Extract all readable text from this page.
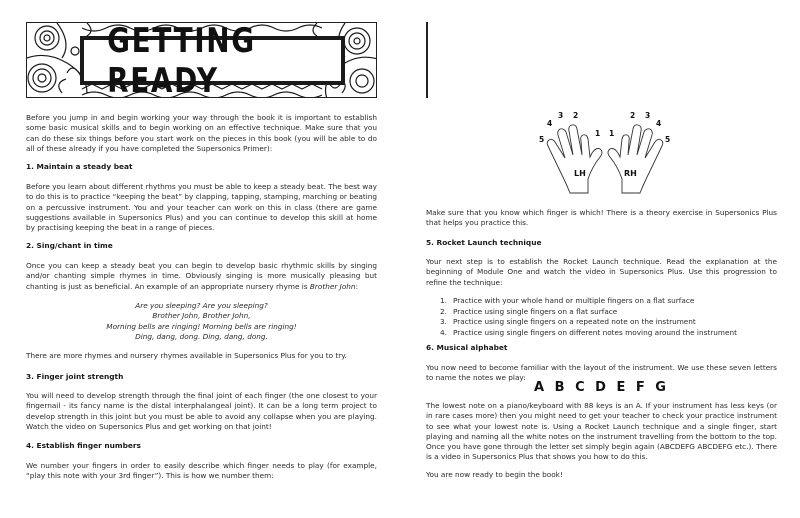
GETTING READY

Before you jump in and begin working your way through the book it is important to establish some basic musical skills and to begin working on an effective technique. Make sure that you can do these six things before you start work on the pieces in this book (you will be able to do all of these already if you have completed the Supersonics Primer):

1. Maintain a steady beat

Before you learn about different rhythms you must be able to keep a steady beat. The best way to do this is to practice “keeping the beat” by clapping, tapping, stamping, marching or beating on a percussive instrument. You and your teacher can work on this in class (there are game suggestions available in Supersonics Plus) and you can continue to develop this skill at home by practising keeping the beat in a range of pieces.

2. Sing/chant in time

Once you can keep a steady beat you can begin to develop basic rhythmic skills by singing and/or chanting simple rhymes in time. Obviously singing is more musically pleasing but chanting is just as beneficial. An example of an appropriate nursery rhyme is Brother John:

Are you sleeping? Are you sleeping?
Brother John, Brother John,
Morning bells are ringing! Morning bells are ringing!
Ding, dang, dong. Ding, dang, dong.

There are more rhymes and nursery rhymes available in Supersonics Plus for you to try.

3. Finger joint strength

You will need to develop strength through the final joint of each finger (the one closest to your fingernail - its fancy name is the distal interphalangeal joint). It can be a long term project to develop strength in this joint but you must be able to avoid any collapse when you are playing. Watch the video on Supersonics Plus and get working on that joint!

4. Establish finger numbers

We number your fingers in order to easily describe which finger needs to play (for example, “play this note with your 3rd finger”). This is how we number them:

5
4
3 2
1 1
2 3
4
5
LH	RH

Make sure that you know which finger is which! There is a theory exercise in Supersonics Plus that helps you practice this.

5. Rocket Launch technique

Your next step is to establish the Rocket Launch technique. Read the explanation at the beginning of Module One and watch the video in Supersonics Plus. Use this progression to refine the technique:

1. Practice with your whole hand or multiple fingers on a flat surface
2. Practice using single fingers on a flat surface
3. Practice using single fingers on a repeated note on the instrument
4. Practice using single fingers on different notes moving around the instrument
6. Musical alphabet

You now need to become familiar with the layout of the instrument. We use these seven letters to name the notes we play:

A B C D E F G

The lowest note on a piano/keyboard with 88 keys is an A. If your instrument has less keys (or in rare cases more) then you might need to get your teacher to check your practice instrument to see what your lowest note is. Using a Rocket Launch technique and a single finger, start playing and naming all the white notes on the instrument travelling from the bottom to the top. Once you have gone through the letter set simply begin again (ABCDEFG ABCDEFG etc.). There is a video in Supersonics Plus that shows you how to do this.

You are now ready to begin the book!
